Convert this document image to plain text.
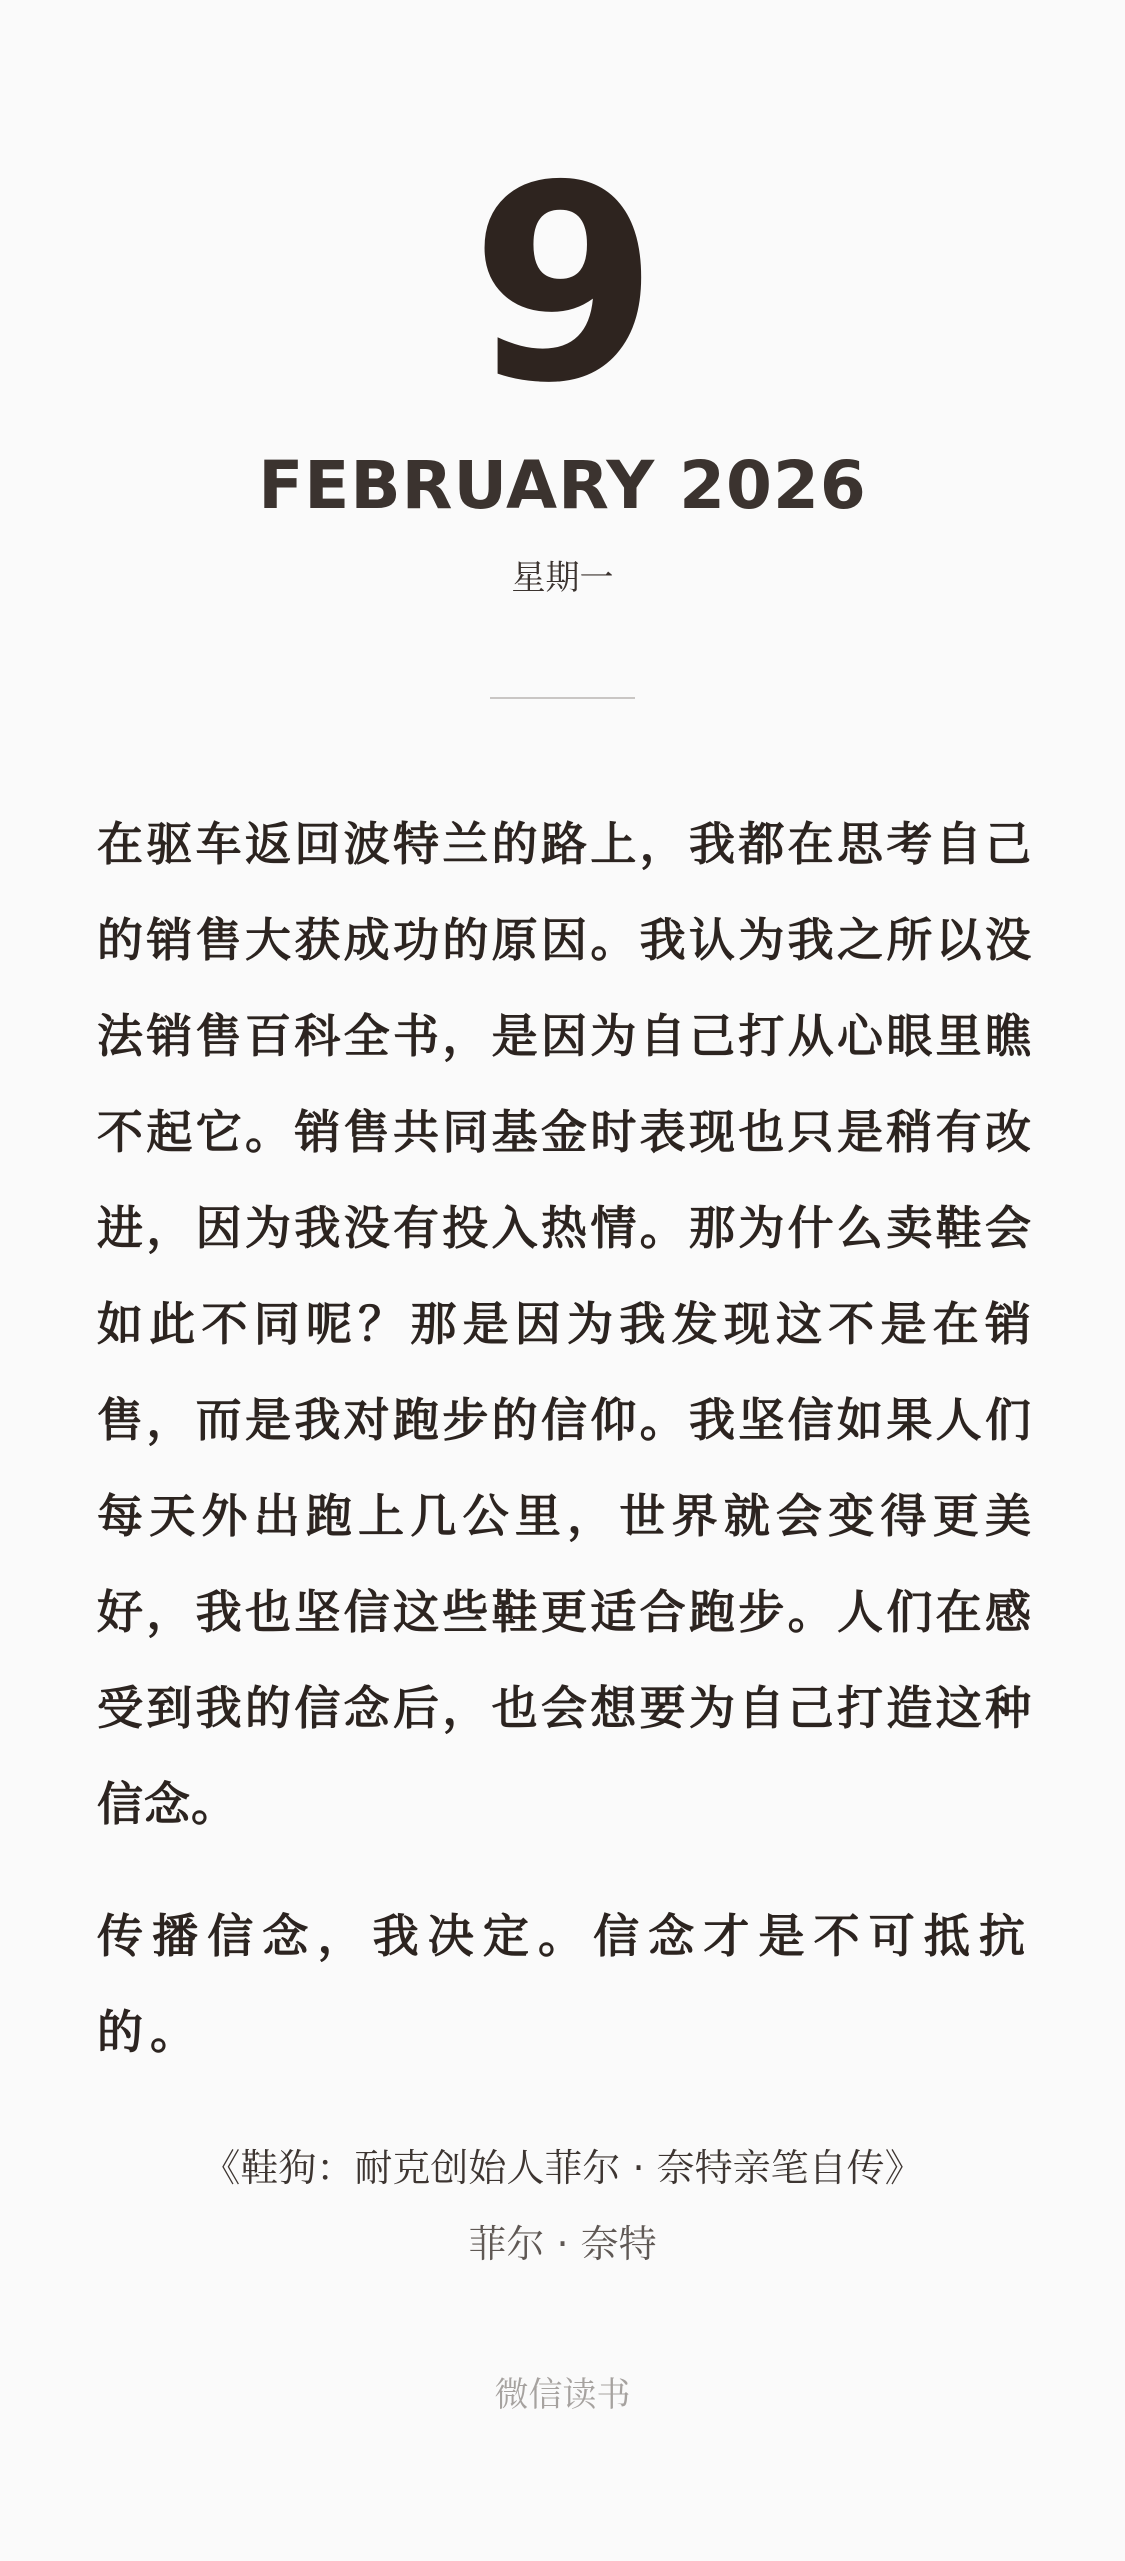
9
FEBRUARY 2026
星期一

在驱车返回波特兰的路上，我都在思考自己的销售大获成功的原因。我认为我之所以没法销售百科全书，是因为自己打从心眼里瞧不起它。销售共同基金时表现也只是稍有改进，因为我没有投入热情。那为什么卖鞋会如此不同呢？那是因为我发现这不是在销售，而是我对跑步的信仰。我坚信如果人们每天外出跑上几公里，世界就会变得更美好，我也坚信这些鞋更适合跑步。人们在感受到我的信念后，也会想要为自己打造这种信念。

传播信念，我决定。信念才是不可抵抗的。

《鞋狗：耐克创始人菲尔 · 奈特亲笔自传》
菲尔 · 奈特
微信读书
